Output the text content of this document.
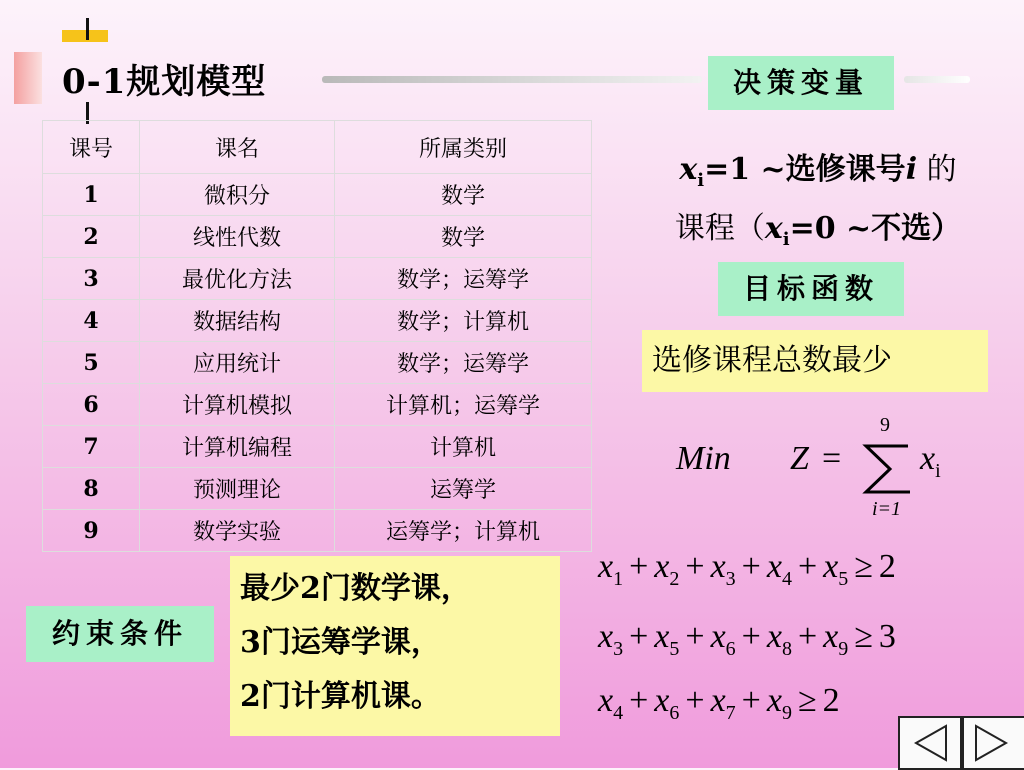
0-1规划模型	决策变量
课号	课名	所属类别
1	微积分	数学
2	线性代数	数学
3	最优化方法	数学；运筹学
4	数据结构	数学；计算机
5	应用统计	数学；运筹学
6	计算机模拟	计算机；运筹学
7	计算机编程	计算机
8	预测理论	运筹学
9	数学实验	运筹学；计算机
$x_i=1$ ~选修课号i 的
课程（$x_i=0$ ~不选）
目标函数
选修课程总数最少
Min Z =
9
i=1
$x_i$
约束条件
最少2门数学课，
3门运筹学课，
2门计算机课。
$x_1 + x_2 + x_3 + x_4 + x_5 \ge 2$
$x_3 + x_5 + x_6 + x_8 + x_9 \ge 3$
$x_4 + x_6 + x_7 + x_9 \ge 2$
